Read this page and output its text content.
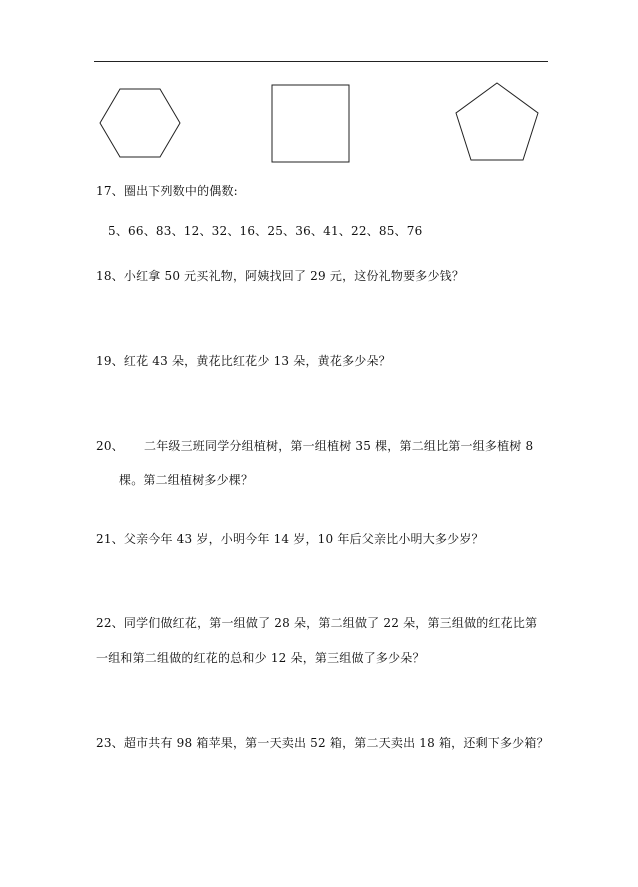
17、圈出下列数中的偶数:
5、66、83、12、32、16、25、36、41、22、85、76
18、小红拿 50 元买礼物，阿姨找回了 29 元，这份礼物要多少钱？
19、红花 43 朵，黄花比红花少 13 朵，黄花多少朵？
20、 二年级三班同学分组植树，第一组植树 35 棵，第二组比第一组多植树 8
棵。第二组植树多少棵？
21、父亲今年 43 岁，小明今年 14 岁，10 年后父亲比小明大多少岁？
22、同学们做红花，第一组做了 28 朵，第二组做了 22 朵，第三组做的红花比第
一组和第二组做的红花的总和少 12 朵，第三组做了多少朵？
23、超市共有 98 箱苹果，第一天卖出 52 箱，第二天卖出 18 箱，还剩下多少箱？
